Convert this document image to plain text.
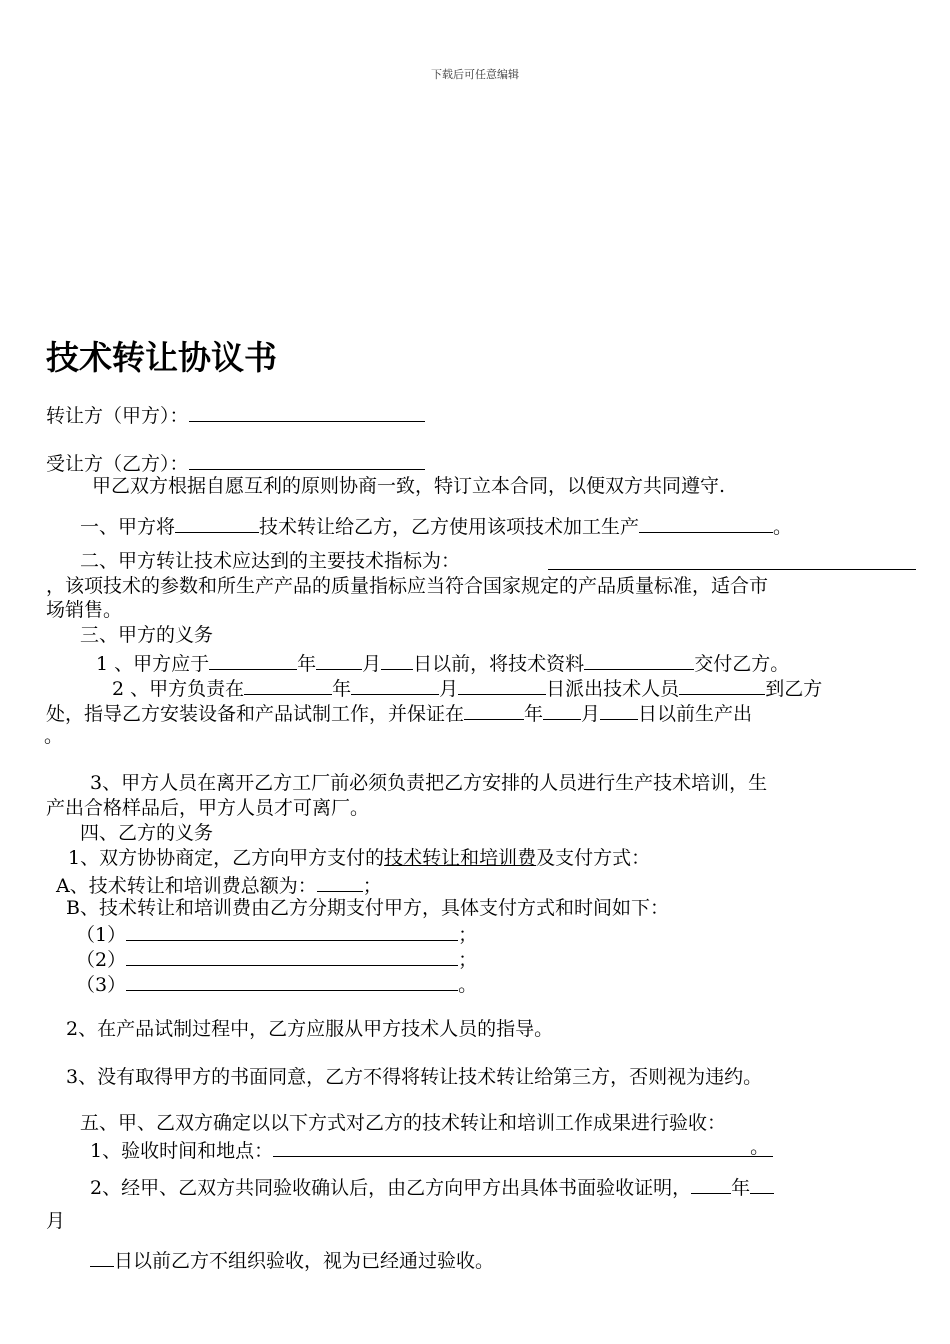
下载后可任意编辑
技术转让协议书
转让方（甲方）：
受让方（乙方）：
甲乙双方根据自愿互利的原则协商一致，特订立本合同，以便双方共同遵守.
一、甲方将	技术转让给乙方，乙方使用该项技术加工生产	。
二、甲方转让技术应达到的主要技术指标为：
，该项技术的参数和所生产产品的质量指标应当符合国家规定的产品质量标准，适合市
场销售。
三、甲方的义务
1 、甲方应于	年 月 日以前，将技术资料	交付乙方。
2 、甲方负责在	年	月	日派出技术人员	到乙方
处，指导乙方安装设备和产品试制工作，并保证在	年 月 日以前生产出
。
3、甲方人员在离开乙方工厂前必须负责把乙方安排的人员进行生产技术培训，生
产出合格样品后，甲方人员才可离厂。
四、乙方的义务
1、双方协协商定，乙方向甲方支付的技术转让和培训费及支付方式：
A、技术转让和培训费总额为： ；
B、技术转让和培训费由乙方分期支付甲方，具体支付方式和时间如下：
（1）	；
（2）	；
（3）	。
2、在产品试制过程中，乙方应服从甲方技术人员的指导。
3、没有取得甲方的书面同意，乙方不得将转让技术转让给第三方，否则视为违约。
五、甲、乙双方确定以以下方式对乙方的技术转让和培训工作成果进行验收：
1、验收时间和地点：	。
2、经甲、乙双方共同验收确认后，由乙方向甲方出具体书面验收证明， 年
月
日以前乙方不组织验收，视为已经通过验收。
